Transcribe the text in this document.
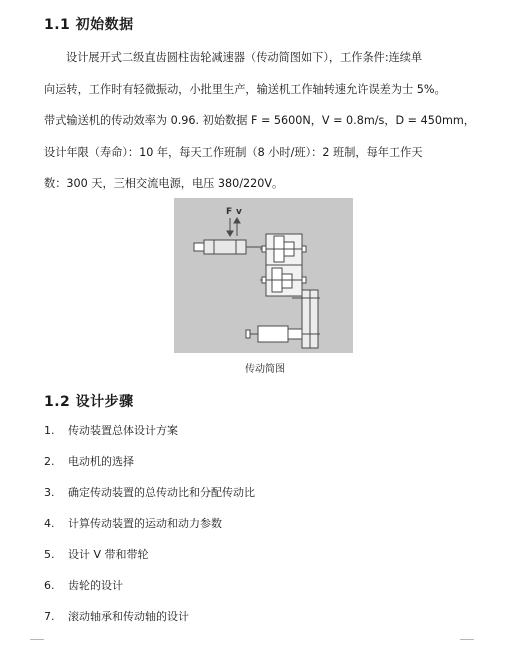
1.1 初始数据
设计展开式二级直齿圆柱齿轮减速器（传动简图如下），工作条件:连续单
向运转，工作时有轻微振动，小批里生产，输送机工作轴转速允许误差为士 5%。
带式输送机的传动效率为 0.96. 初始数据 F = 5600N，V = 0.8m/s，D = 450mm，
设计年限（寿命）：10 年，每天工作班制（8 小时/班）：2 班制，每年工作天
数：300 天，三相交流电源，电压 380/220V。
F v
传动简图
1.2 设计步骤
1. 传动装置总体设计方案
2. 电动机的选择
3. 确定传动装置的总传动比和分配传动比
4. 计算传动装置的运动和动力参数
5. 设计 V 带和带轮
6. 齿轮的设计
7. 滚动轴承和传动轴的设计
